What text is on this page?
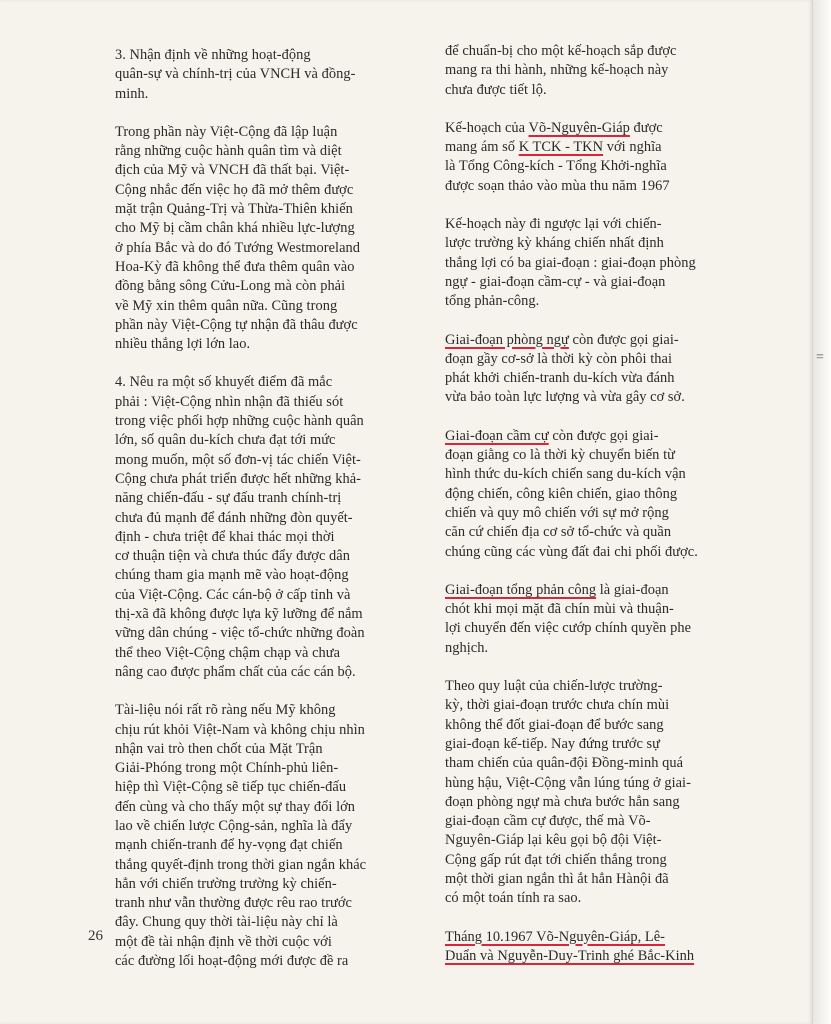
3. Nhận định về những hoạt-động
quân-sự và chính-trị của VNCH và đồng-
minh.

Trong phần này Việt-Cộng đã lập luận
rằng những cuộc hành quân tìm và diệt
địch của Mỹ và VNCH đã thất bại. Việt-
Cộng nhắc đến việc họ đã mở thêm được
mặt trận Quảng-Trị và Thừa-Thiên khiến
cho Mỹ bị cầm chân khá nhiều lực-lượng
ở phía Bắc và do đó Tướng Westmoreland
Hoa-Kỳ đã không thể đưa thêm quân vào
đồng bằng sông Cửu-Long mà còn phải
về Mỹ xin thêm quân nữa. Cũng trong
phần này Việt-Cộng tự nhận đã thâu được
nhiều thắng lợi lớn lao.

4. Nêu ra một số khuyết điểm đã mắc
phải : Việt-Cộng nhìn nhận đã thiếu sót
trong việc phối hợp những cuộc hành quân
lớn, số quân du-kích chưa đạt tới mức
mong muốn, một số đơn-vị tác chiến Việt-
Cộng chưa phát triển được hết những khả-
năng chiến-đấu - sự đấu tranh chính-trị
chưa đủ mạnh để đánh những đòn quyết-
định - chưa triệt để khai thác mọi thời
cơ thuận tiện và chưa thúc đẩy được dân
chúng tham gia mạnh mẽ vào hoạt-động
của Việt-Cộng. Các cán-bộ ở cấp tỉnh và
thị-xã đã không được lựa kỹ lưỡng để nắm
vững dân chúng - việc tổ-chức những đoàn
thể theo Việt-Cộng chậm chạp và chưa
nâng cao được phẩm chất của các cán bộ.

Tài-liệu nói rất rõ ràng nếu Mỹ không
chịu rút khỏi Việt-Nam và không chịu nhìn
nhận vai trò then chốt của Mặt Trận
Giải-Phóng trong một Chính-phủ liên-
hiệp thì Việt-Cộng sẽ tiếp tục chiến-đấu
đến cùng và cho thấy một sự thay đổi lớn
lao về chiến lược Cộng-sản, nghĩa là đẩy
mạnh chiến-tranh để hy-vọng đạt chiến
thắng quyết-định trong thời gian ngắn khác
hẳn với chiến trường trường kỳ chiến-
tranh như vẫn thường được rêu rao trước
đây. Chung quy thời tài-liệu này chỉ là
một đề tài nhận định về thời cuộc với
các đường lối hoạt-động mới được đề ra

để chuẩn-bị cho một kế-hoạch sắp được
mang ra thi hành, những kế-hoạch này
chưa được tiết lộ.

Kế-hoạch của Võ-Nguyên-Giáp được
mang ám số K TCK - TKN với nghĩa
là Tổng Công-kích - Tổng Khởi-nghĩa
được soạn thảo vào mùa thu năm 1967

Kế-hoạch này đi ngược lại với chiến-
lược trường kỳ kháng chiến nhất định
thắng lợi có ba giai-đoạn : giai-đoạn phòng
ngự - giai-đoạn cầm-cự - và giai-đoạn
tổng phản-công.

Giai-đoạn phòng ngự còn được gọi giai-
đoạn gầy cơ-sở là thời kỳ còn phôi thai
phát khởi chiến-tranh du-kích vừa đánh
vừa bảo toàn lực lượng và vừa gây cơ sở.

Giai-đoạn cầm cự còn được gọi giai-
đoạn giằng co là thời kỳ chuyển biến từ
hình thức du-kích chiến sang du-kích vận
động chiến, công kiên chiến, giao thông
chiến và quy mô chiến với sự mở rộng
căn cứ chiến địa cơ sở tổ-chức và quần
chúng cũng các vùng đất đai chi phối được.

Giai-đoạn tổng phản công là giai-đoạn
chót khi mọi mặt đã chín mùi và thuận-
lợi chuyển đến việc cướp chính quyền phe
nghịch.

Theo quy luật của chiến-lược trường-
kỳ, thời giai-đoạn trước chưa chín mùi
không thể đốt giai-đoạn để bước sang
giai-đoạn kế-tiếp. Nay đứng trước sự
tham chiến của quân-đội Đồng-minh quá
hùng hậu, Việt-Cộng vẫn lúng túng ở giai-
đoạn phòng ngự mà chưa bước hẳn sang
giai-đoạn cầm cự được, thế mà Võ-
Nguyên-Giáp lại kêu gọi bộ đội Việt-
Cộng gấp rút đạt tới chiến thắng trong
một thời gian ngắn thì ắt hẳn Hànội đã
có một toán tính ra sao.

Tháng 10.1967 Võ-Nguyên-Giáp, Lê-
Duẩn và Nguyễn-Duy-Trinh ghé Bắc-Kinh

26
=
